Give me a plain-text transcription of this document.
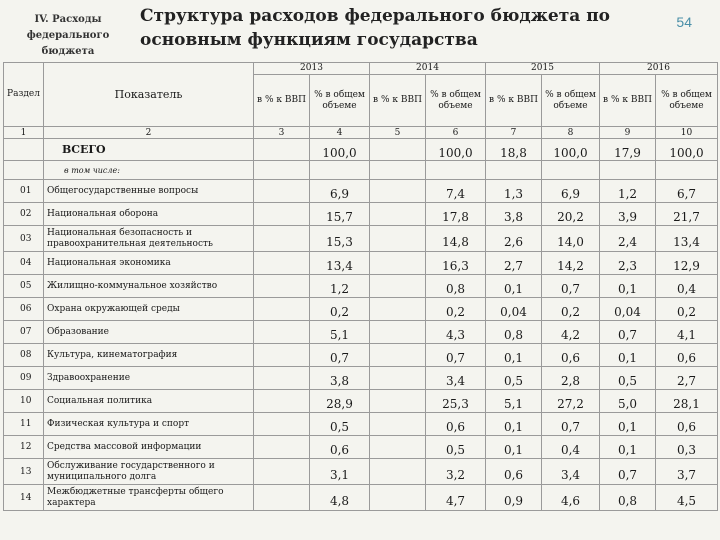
IV. Расходы федерального бюджета
Структура расходов федерального бюджета по основным функциям государства
54
Раздел	Показатель	2013		2014		2015		2016	
		в % к ВВП	% в общем объеме	в % к ВВП	% в общем объеме	в % к ВВП	% в общем объеме	в % к ВВП	% в общем объеме
1	2	3	4	5	6	7	8	9	10
	ВСЕГО		100,0		100,0	18,8	100,0	17,9	100,0
	в том числе:								
01	Общегосударственные вопросы		6,9		7,4	1,3	6,9	1,2	6,7
02	Национальная оборона		15,7		17,8	3,8	20,2	3,9	21,7
03	Национальная безопасность и правоохранительная деятельность		15,3		14,8	2,6	14,0	2,4	13,4
04	Национальная экономика		13,4		16,3	2,7	14,2	2,3	12,9
05	Жилищно-коммунальное хозяйство		1,2		0,8	0,1	0,7	0,1	0,4
06	Охрана окружающей среды		0,2		0,2	0,04	0,2	0,04	0,2
07	Образование		5,1		4,3	0,8	4,2	0,7	4,1
08	Культура, кинематография		0,7		0,7	0,1	0,6	0,1	0,6
09	Здравоохранение		3,8		3,4	0,5	2,8	0,5	2,7
10	Социальная политика		28,9		25,3	5,1	27,2	5,0	28,1
11	Физическая культура и спорт		0,5		0,6	0,1	0,7	0,1	0,6
12	Средства массовой информации		0,6		0,5	0,1	0,4	0,1	0,3
13	Обслуживание государственного и муниципального долга		3,1		3,2	0,6	3,4	0,7	3,7
14	Межбюджетные трансферты общего характера		4,8		4,7	0,9	4,6	0,8	4,5
